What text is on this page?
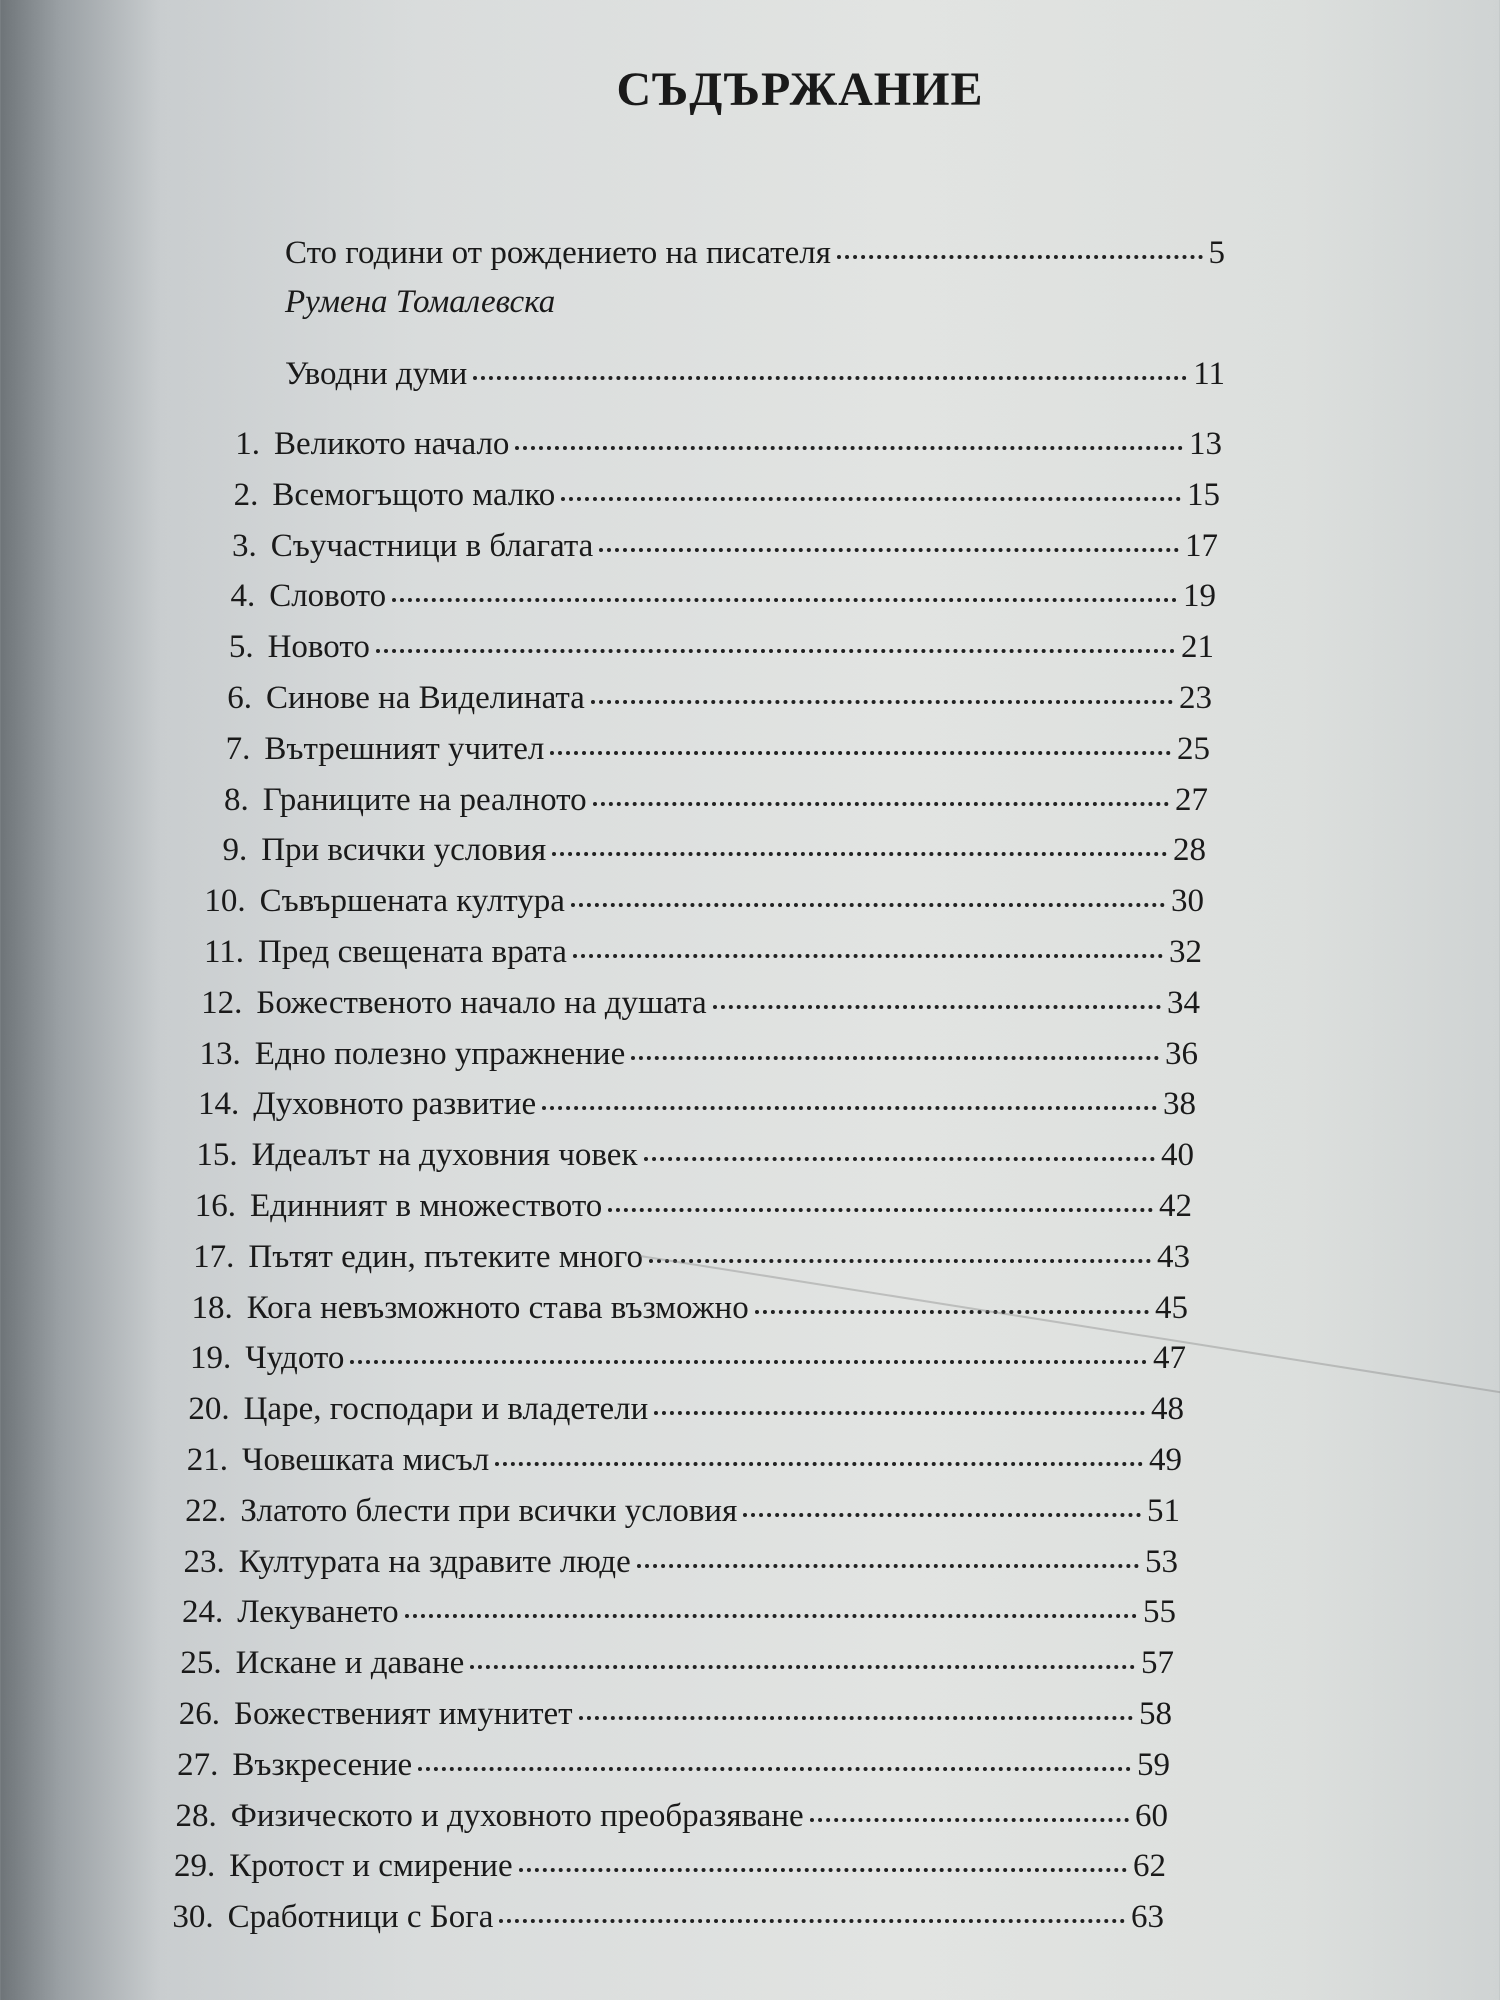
СЪДЪРЖАНИЕ
Сто години от рождението на писателя	5
Румена Томалевска
Уводни думи	11
1. Великото начало	13
2. Всемогъщото малко	15
3. Съучастници в благата	17
4. Словото	19
5. Новото	21
6. Синове на Виделината	23
7. Вътрешният учител	25
8. Границите на реалното	27
9. При всички условия	28
10. Съвършената култура	30
11. Пред свещената врата	32
12. Божественото начало на душата	34
13. Едно полезно упражнение	36
14. Духовното развитие	38
15. Идеалът на духовния човек	40
16. Единният в множеството	42
17. Пътят един, пътеките много	43
18. Кога невъзможното става възможно	45
19. Чудото	47
20. Царе, господари и владетели	48
21. Човешката мисъл	49
22. Златото блести при всички условия	51
23. Културата на здравите люде	53
24. Лекуването	55
25. Искане и даване	57
26. Божественият имунитет	58
27. Възкресение	59
28. Физическото и духовното преобразяване	60
29. Кротост и смирение	62
30. Сработници с Бога	63
